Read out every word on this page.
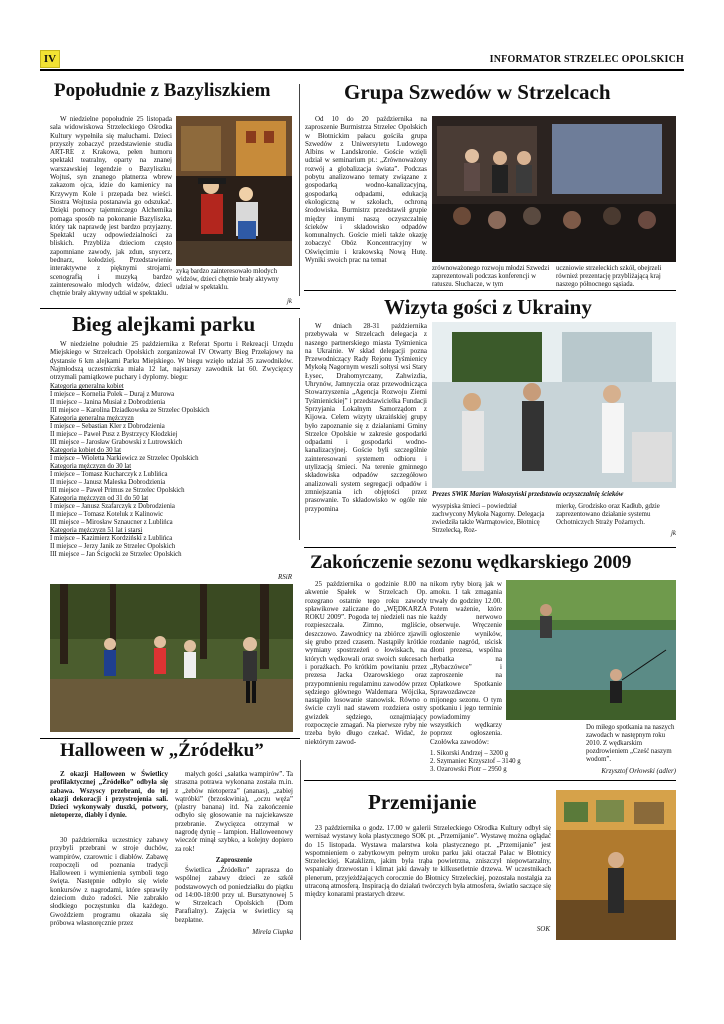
IV	INFORMATOR STRZELEC OPOLSKICH
Popołudnie z Bazyliszkiem

W niedzielne popołudnie 25 listopada sala widowiskowa Strzeleckiego Ośrodka Kultury wypełniła się maluchami. Dzieci przyszły zobaczyć przedstawienie studia ART-RE z Krakowa, pełen humoru spektakl teatralny, oparty na znanej warszawskiej legendzie o Bazyliszku. Wojtuś, syn znanego płatnerza wbrew zakazom ojca, idzie do kamienicy na Krzywym Kole i przepada bez wieści. Siostra Wojtusia postanawia go odszukać. Dzięki pomocy tajemniczego Alchemika pomaga sposób na pokonanie Bazyliszka, który tak naprawdę jest bardzo przyjazny. Spektakl uczy odpowiedzialności za bliskich. Przybliża dzieciom często zapomniane zawody, jak zdun, snycerz, bednarz, kołodziej. Przedstawienie interaktywne z pięknymi strojami, scenografią i muzyką bardzo zainteresowało młodych widzów, dzieci chętnie brały aktywny udział w spektaklu.

zyką bardzo zainteresowało młodych widzów, dzieci chętnie brały aktywny udział w spektaklu.
jk
Grupa Szwedów w Strzelcach

Od 10 do 20 października na zaproszenie Burmistrza Strzelec Opolskich w Błotnickim pałacu gościła grupa Szwedów z Uniwersytetu Ludowego Albins w Landskronie. Goście wzięli udział w seminarium pt.: „Zrównoważony rozwój a globalizacja świata”. Podczas pobytu analizowano tematy związane z gospodarką wodno-kanalizacyjną, gospodarką odpadami, edukacją ekologiczną w szkołach, ochroną środowiska. Burmistrz przedstawił grupie między innymi naszą oczyszczalnię ścieków i składowisko odpadów komunalnych. Goście mieli także okazję zobaczyć Obóz Koncentracyjny w Oświęcimiu i krakowską Nową Hutę. Wyniki swoich prac na temat

zrównoważonego rozwoju młodzi Szwedzi zaprezentowali podczas konferencji w ratuszu. Słuchacze, w tym
uczniowie strzeleckich szkół, obejrzeli również prezentację przybliżającą kraj naszego północnego sąsiada.
Bieg alejkami parku

W niedzielne południe 25 października z Referat Sportu i Rekreacji Urzędu Miejskiego w Strzelcach Opolskich zorganizował IV Otwarty Bieg Przełajowy na dystansie 6 km alejkami Parku Miejskiego. W biegu wzięło udział 35 zawodników. Najmłodszą uczestniczka miała 12 lat, najstarszy zawodnik lat 60. Zwycięzcy otrzymali pamiątkowe puchary i dyplomy. biegu:

Kategoria generalna kobiet
I miejsce – Kornelia Polek – Duraj z Murowa
II miejsce – Janina Musiał z Dobrodzienia
III miejsce – Karolina Dziadkowska ze Strzelec Opolskich
Kategoria generalna mężczyzn
I miejsce – Sebastian Kler z Dobrodzienia
II miejsce – Paweł Pusz z Bystrzycy Kłodzkiej
III miejsce – Jarosław Grabowski z Lutrowskich
Kategoria kobiet do 30 lat
I miejsce – Wioletta Narkiewicz ze Strzelec Opolskich
Kategoria mężczyzn do 30 lat
I miejsce – Tomasz Kucharczyk z Lublińca
II miejsce – Janusz Maleska Dobrodzienia
III miejsce – Paweł Primus ze Strzelec Opolskich
Kategoria mężczyzn od 31 do 50 lat
I miejsce – Janusz Szafarczyk z Dobrodzienia
II miejsce – Tomasz Koteluk z Kalinowic
III miejsce – Mirosław Sznaucner z Lublińca
Kategoria mężczyzn 51 lat i starsi
I miejsce – Kazimierz Kordziński z Lublińca
II miejsce – Jerzy Janik ze Strzelec Opolskich
III miejsce – Jan Ścigocki ze Strzelec Opolskich
RSiR
Wizyta gości z Ukrainy

W dniach 28-31 października przebywała w Strzelcach delegacja z naszego partnerskiego miasta Tyśmienica na Ukrainie. W skład delegacji pozna Przewodniczący Rady Rejonu Tyśmienicy Mykołą Nagornym weszli sołtysi wsi Stary Łysec, Drahomyrczany, Zahwizdia, Uhrynów, Jamnyczia oraz przewodnicząca Stowarzyszenia „Agencja Rozwoju Ziemi Tyśmienickiej” i przedstawicielka Fundacji Sprzyjania Lokalnym Samorządom z Kijowa. Celem wizyty ukraińskiej grupy było zapoznanie się z działaniami Gminy Strzelce Opolskie w zakresie gospodarki odpadami i gospodarki wodno-kanalizacyjnej. Goście byli szczególnie zainteresowani systemem odbioru i utylizacją śmieci. Na terenie gminnego składowiska odpadów szczegółowo analizowali system segregacji odpadów i zmniejszania ich objętości przez prasowanie. To składowisko w ogóle nie przypomina

Prezes SWiK Marian Wałoszyński przedstawia oczyszczalnię ścieków
wysypiska śmieci – powiedział zachwycony Mykoła Nagorny. Delegacja zwiedziła także Warmątowice, Błotnicę Strzelecką, Roz-
mierkę, Grodzisko oraz Kadłub, gdzie zaprezentowano działanie systemu Ochotniczych Straży Pożarnych.
jk
Zakończenie sezonu wędkarskiego 2009

25 października o godzinie 8.00 na akwenie Spałek w Strzelcach Op. rozegrano ostatnie tego roku zawody spławikowe zaliczane do „WĘDKARZA ROKU 2009”. Pogoda tej niedzieli nas nie rozpieszczała. Zimno, mgliście, deszczowo. Zawodnicy na zbiórce zjawili się grubo przed czasem. Nastąpiły krótkie wymiany spostrzeżeń o łowiskach, na których wędkowali oraz swoich sukcesach i porażkach. Po krótkim powitaniu przez prezesa Jacka Ozarowskiego oraz przypomnieniu regulaminu zawodów przez sędziego głównego Waldemara Wójcika, nastąpiło losowanie stanowisk. Równo o świcie czyli nad stawem rozdziera ostry gwizdek sędziego, oznajmiający rozpoczęcie zmagań. Na pierwsze ryby nie trzeba było długo czekać. Widać, że niektórym zawod-

nikom ryby biorą jak w amoku. I tak zmagania trwały do godziny 12.00. Potem ważenie, które każdy nerwowo obserwuje. Wręczenie ogłoszenie wyników, rozdanie nagród, uścisk dłoni prezesa, wspólna herbatka na „Rybaczówce” i zaproszenie na Opłatkowe Spotkanie Sprawozdawcze mijonego sezonu. O tym spotkaniu i jego terminie powiadomimy wszystkich wędkarzy poprzez ogłoszenia. Czołówka zawodów:
1. Sikorski Andrzej – 3200 g
2. Szymaniec Krzysztof – 3140 g
3. Ozarowski Piotr – 2950 g
Do miłego spotkania na naszych zawodach w następnym roku 2010. Z wędkarskim pozdrowieniem „Cześć naszym wodom”.
Krzysztof Orłowski (adler)
Halloween w „Źródełku”

Z okazji Halloween w Świetlicy profilaktycznej „Źródełko” odbyła się zabawa. Wszyscy przebrani, do tej okazji dekoracji i przystrojenia sali. Dzieci wykonywały duszki, potwory, nietoperze, diabły i dynie.

30 października uczestnicy zabawy przybyli przebrani w stroje duchów, wampirów, czarownic i diabłów. Zabawę rozpoczęli od poznania tradycji Halloween i wymienienia symboli tego święta. Następnie odbyło się wiele konkursów z nagrodami, które sprawiły dzieciom dużo radości. Nie zabrakło słodkiego poczęstunku dla każdego. Gwoździem programu okazała się próbowa własnoręcznie przez

małych gości „sałatka wampirów”. Ta straszna potrawa wykonana została m.in. z „żebów nietoperza” (ananas), „zabiej wątróbki” (brzoskwinia), „oczu węża” (plastry banana) itd. Na zakończenie odbyło się głosowanie na najciekawsze przebranie. Zwycięzca otrzymał w nagrodę dynię – lampion. Halloweenowy wieczór minął szybko, a kolejny dopiero za rok!

Zaproszenie

Świetlica „Źródełko” zaprasza do wspólnej zabawy dzieci ze szkół podstawowych od poniedziałku do piątku od 14:00-18:00 przy ul. Bursztynowej 5 w Strzelcach Opolskich (Dom Parafialny). Zajęcia w świetlicy są bezpłatne.

Mirela Ciupka
Przemijanie

23 października o godz. 17.00 w galerii Strzeleckiego Ośrodka Kultury odbył się wernisaż wystawy koła plastycznego SOK pt. „Przemijanie”. Wystawę można oglądać do 15 listopada. Wystawa malarstwa koła plastycznego pt. „Przemijanie” jest wspomnieniem o zabytkowym pełnym uroku parku jaki otaczał Pałac w Błotnicy Strzeleckiej. Kataklizm, jakim była trąba powietrzna, zniszczył niepowtarzalny, wspaniały drzewostan i klimat jaki dawały te kilkusetletnie drzewa. W uczestnikach plenerum, przyjeżdżających corocznie do Błotnicy Strzeleckiej, pozostała nostalgia za utraconą atmosferą. Inspiracją do działań twórczych była atmosfera, światło saczące się między konarami prastarych drzew.

SOK
